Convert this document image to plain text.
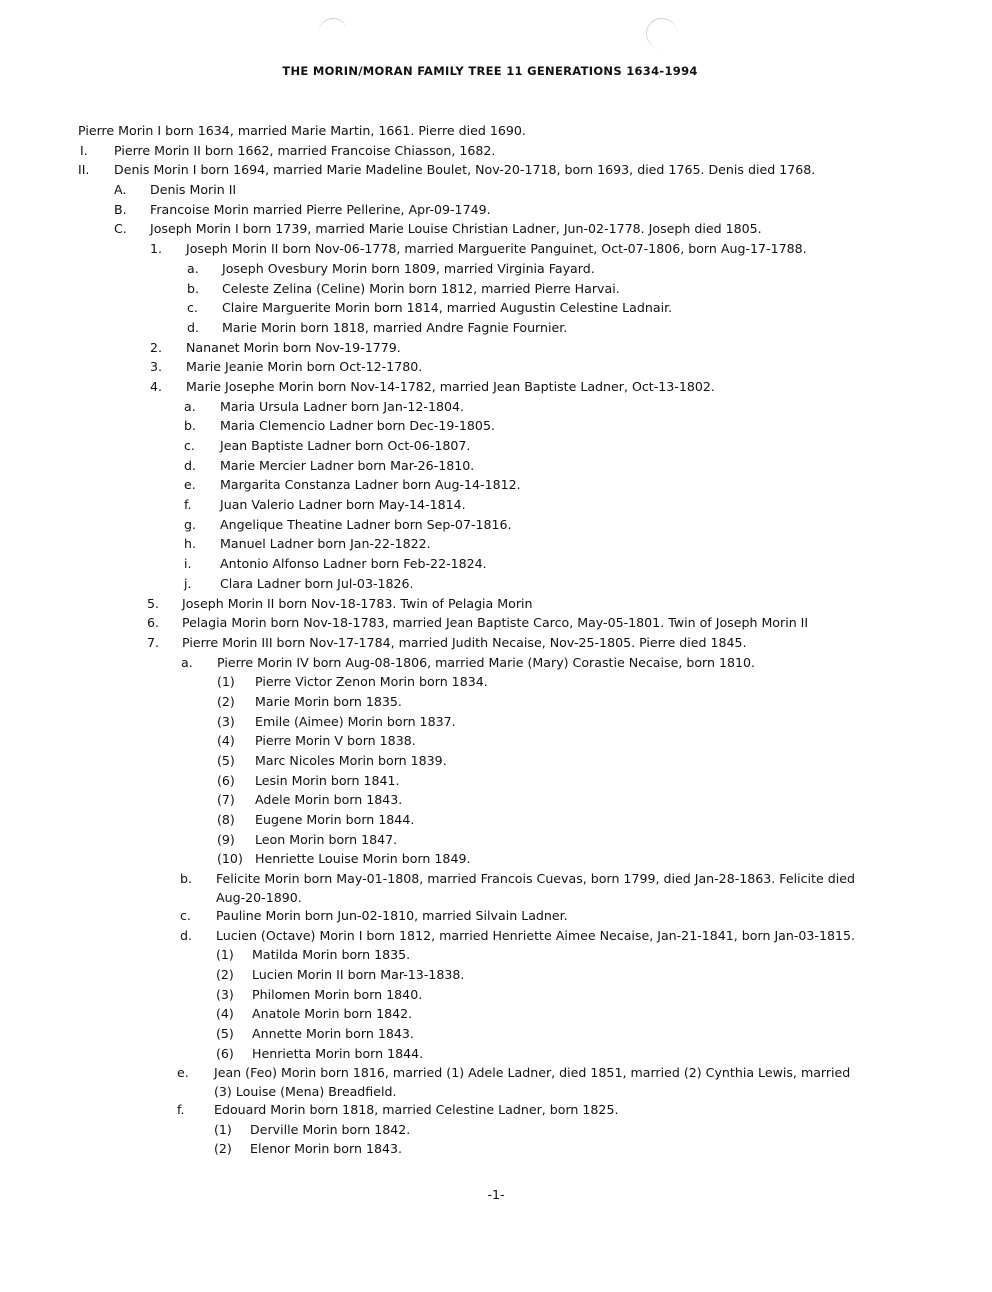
THE MORIN/MORAN FAMILY TREE 11 GENERATIONS 1634-1994
Pierre Morin I born 1634, married Marie Martin, 1661. Pierre died 1690.
I. Pierre Morin II born 1662, married Francoise Chiasson, 1682.
II. Denis Morin I born 1694, married Marie Madeline Boulet, Nov-20-1718, born 1693, died 1765. Denis died 1768.
A. Denis Morin II
B. Francoise Morin married Pierre Pellerine, Apr-09-1749.
C. Joseph Morin I born 1739, married Marie Louise Christian Ladner, Jun-02-1778. Joseph died 1805.
1. Joseph Morin II born Nov-06-1778, married Marguerite Panguinet, Oct-07-1806, born Aug-17-1788.
a. Joseph Ovesbury Morin born 1809, married Virginia Fayard.
b. Celeste Zelina (Celine) Morin born 1812, married Pierre Harvai.
c. Claire Marguerite Morin born 1814, married Augustin Celestine Ladnair.
d. Marie Morin born 1818, married Andre Fagnie Fournier.
2. Nananet Morin born Nov-19-1779.
3. Marie Jeanie Morin born Oct-12-1780.
4. Marie Josephe Morin born Nov-14-1782, married Jean Baptiste Ladner, Oct-13-1802.
a. Maria Ursula Ladner born Jan-12-1804.
b. Maria Clemencio Ladner born Dec-19-1805.
c. Jean Baptiste Ladner born Oct-06-1807.
d. Marie Mercier Ladner born Mar-26-1810.
e. Margarita Constanza Ladner born Aug-14-1812.
f. Juan Valerio Ladner born May-14-1814.
g. Angelique Theatine Ladner born Sep-07-1816.
h. Manuel Ladner born Jan-22-1822.
i. Antonio Alfonso Ladner born Feb-22-1824.
j. Clara Ladner born Jul-03-1826.
5. Joseph Morin II born Nov-18-1783. Twin of Pelagia Morin
6. Pelagia Morin born Nov-18-1783, married Jean Baptiste Carco, May-05-1801. Twin of Joseph Morin II
7. Pierre Morin III born Nov-17-1784, married Judith Necaise, Nov-25-1805. Pierre died 1845.
a. Pierre Morin IV born Aug-08-1806, married Marie (Mary) Corastie Necaise, born 1810.
(1) Pierre Victor Zenon Morin born 1834.
(2) Marie Morin born 1835.
(3) Emile (Aimee) Morin born 1837.
(4) Pierre Morin V born 1838.
(5) Marc Nicoles Morin born 1839.
(6) Lesin Morin born 1841.
(7) Adele Morin born 1843.
(8) Eugene Morin born 1844.
(9) Leon Morin born 1847.
(10) Henriette Louise Morin born 1849.
b. Felicite Morin born May-01-1808, married Francois Cuevas, born 1799, died Jan-28-1863. Felicite died
Aug-20-1890.
c. Pauline Morin born Jun-02-1810, married Silvain Ladner.
d. Lucien (Octave) Morin I born 1812, married Henriette Aimee Necaise, Jan-21-1841, born Jan-03-1815.
(1) Matilda Morin born 1835.
(2) Lucien Morin II born Mar-13-1838.
(3) Philomen Morin born 1840.
(4) Anatole Morin born 1842.
(5) Annette Morin born 1843.
(6) Henrietta Morin born 1844.
e. Jean (Feo) Morin born 1816, married (1) Adele Ladner, died 1851, married (2) Cynthia Lewis, married
(3) Louise (Mena) Breadfield.
f. Edouard Morin born 1818, married Celestine Ladner, born 1825.
(1) Derville Morin born 1842.
(2) Elenor Morin born 1843.
-1-
